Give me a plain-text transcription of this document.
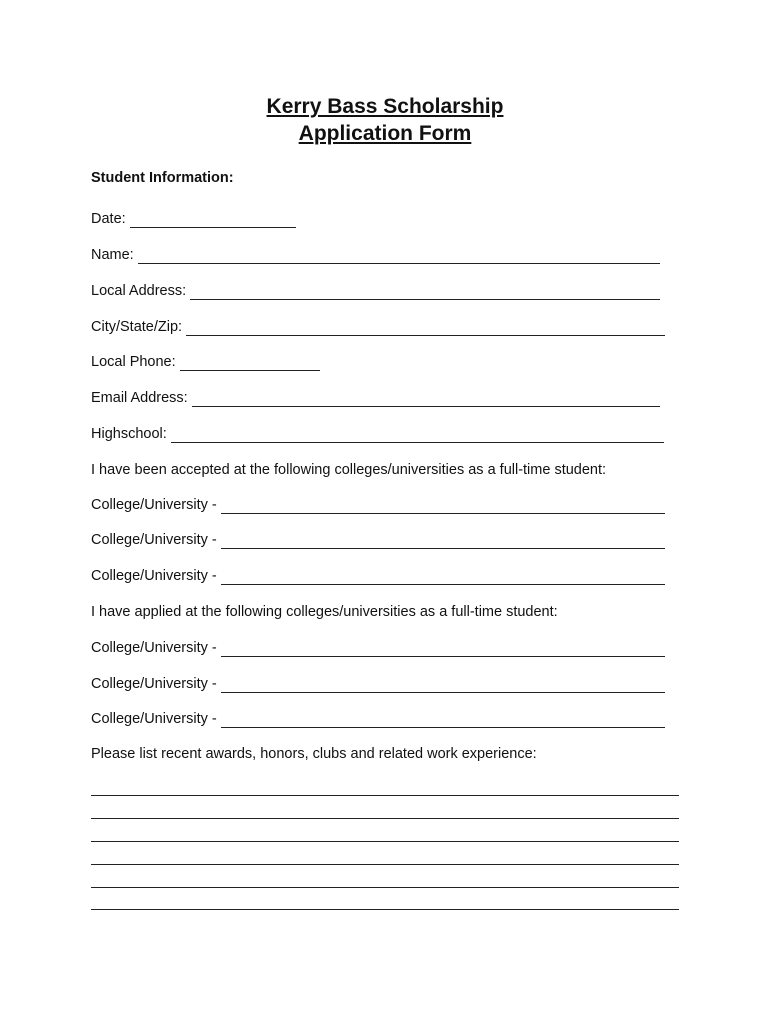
Kerry Bass Scholarship
Application Form
Student Information:
Date:
Name:
Local Address:
City/State/Zip:
Local Phone:
Email Address:
Highschool:
I have been accepted at the following colleges/universities as a full-time student:
College/University -
College/University -
College/University -
I have applied at the following colleges/universities as a full-time student:
College/University -
College/University -
College/University -
Please list recent awards, honors, clubs and related work experience:
